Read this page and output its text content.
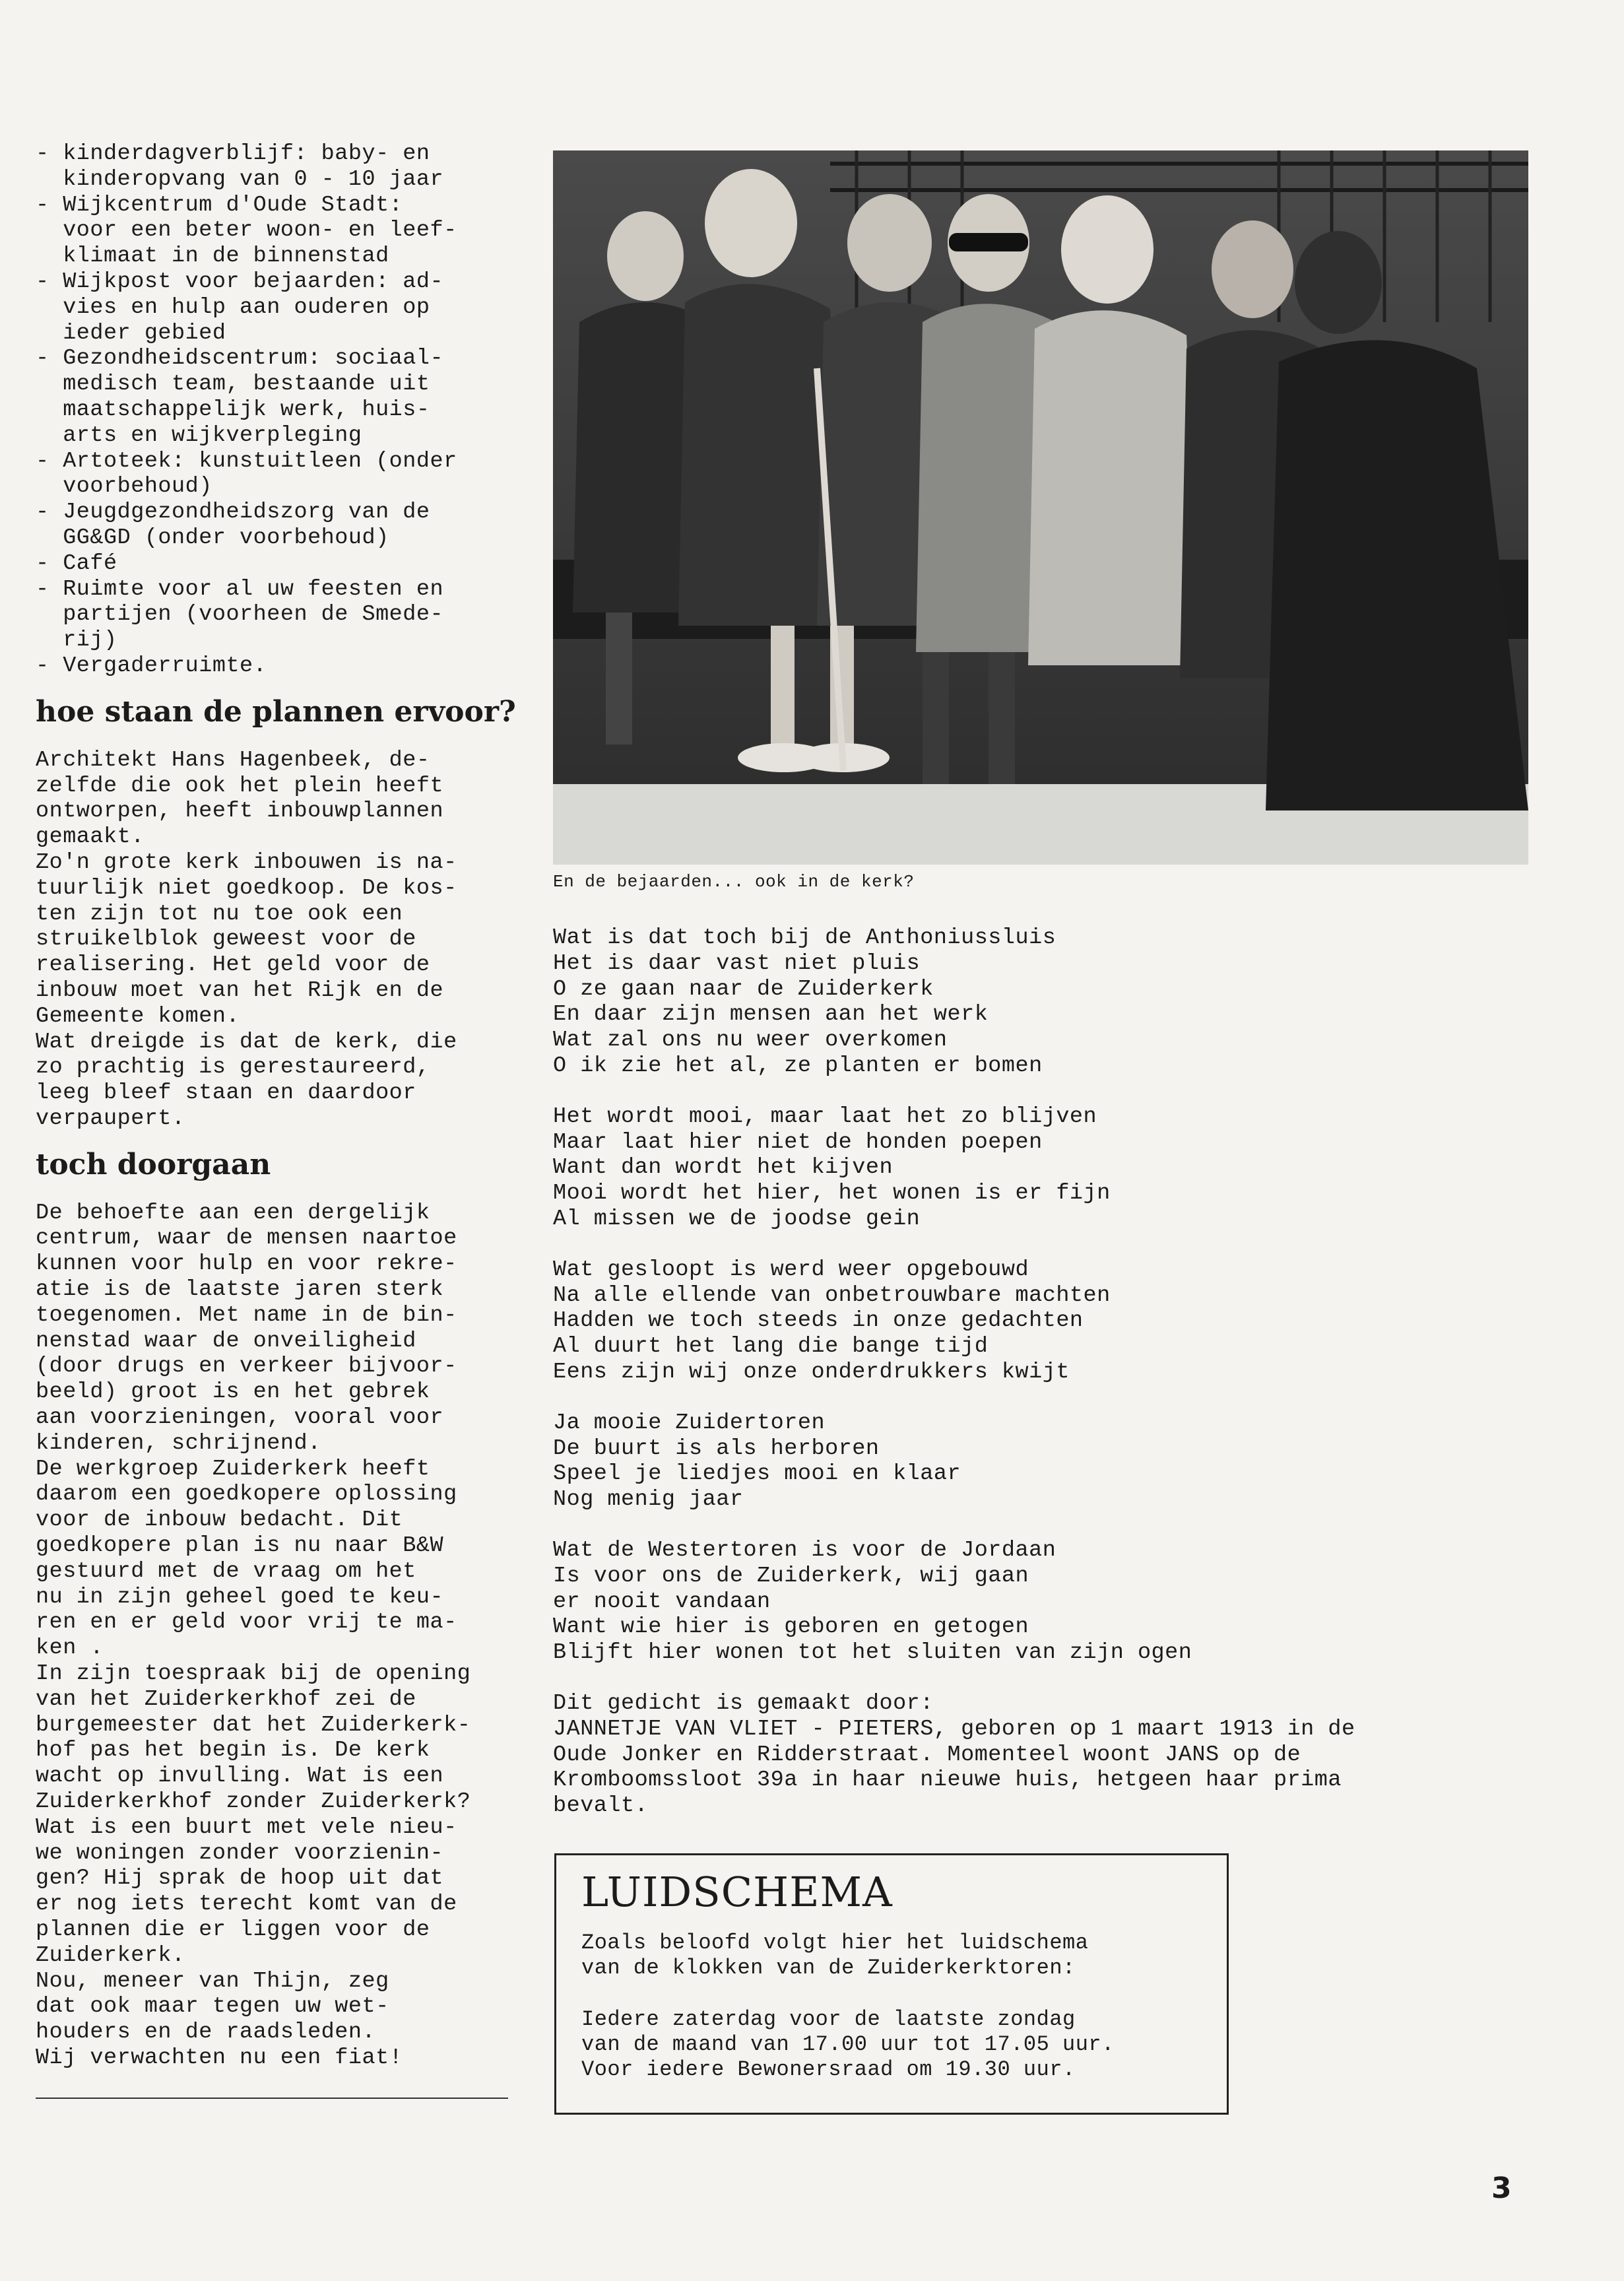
- kinderdagverblijf: baby- en
kinderopvang van 0 - 10 jaar
- Wijkcentrum d'Oude Stadt:
voor een beter woon- en leef-
klimaat in de binnenstad
- Wijkpost voor bejaarden: ad-
vies en hulp aan ouderen op
ieder gebied
- Gezondheidscentrum: sociaal-
medisch team, bestaande uit
maatschappelijk werk, huis-
arts en wijkverpleging
- Artoteek: kunstuitleen (onder
voorbehoud)
- Jeugdgezondheidszorg van de
GG&GD (onder voorbehoud)
- Café
- Ruimte voor al uw feesten en
partijen (voorheen de Smede-
rij)
- Vergaderruimte.
hoe staan de plannen ervoor?
Architekt Hans Hagenbeek, de-
zelfde die ook het plein heeft
ontworpen, heeft inbouwplannen
gemaakt.
Zo'n grote kerk inbouwen is na-
tuurlijk niet goedkoop. De kos-
ten zijn tot nu toe ook een
struikelblok geweest voor de
realisering. Het geld voor de
inbouw moet van het Rijk en de
Gemeente komen.
Wat dreigde is dat de kerk, die
zo prachtig is gerestaureerd,
leeg bleef staan en daardoor
verpaupert.
toch doorgaan
De behoefte aan een dergelijk
centrum, waar de mensen naartoe
kunnen voor hulp en voor rekre-
atie is de laatste jaren sterk
toegenomen. Met name in de bin-
nenstad waar de onveiligheid
(door drugs en verkeer bijvoor-
beeld) groot is en het gebrek
aan voorzieningen, vooral voor
kinderen, schrijnend.
De werkgroep Zuiderkerk heeft
daarom een goedkopere oplossing
voor de inbouw bedacht. Dit
goedkopere plan is nu naar B&W
gestuurd met de vraag om het
nu in zijn geheel goed te keu-
ren en er geld voor vrij te ma-
ken .
In zijn toespraak bij de opening
van het Zuiderkerkhof zei de
burgemeester dat het Zuiderkerk-
hof pas het begin is. De kerk
wacht op invulling. Wat is een
Zuiderkerkhof zonder Zuiderkerk?
Wat is een buurt met vele nieu-
we woningen zonder voorzienin-
gen? Hij sprak de hoop uit dat
er nog iets terecht komt van de
plannen die er liggen voor de
Zuiderkerk.
Nou, meneer van Thijn, zeg
dat ook maar tegen uw wet-
houders en de raadsleden.
Wij verwachten nu een fiat!
En de bejaarden... ook in de kerk?
Wat is dat toch bij de Anthoniussluis
Het is daar vast niet pluis
O ze gaan naar de Zuiderkerk
En daar zijn mensen aan het werk
Wat zal ons nu weer overkomen
O ik zie het al, ze planten er bomen
Het wordt mooi, maar laat het zo blijven
Maar laat hier niet de honden poepen
Want dan wordt het kijven
Mooi wordt het hier, het wonen is er fijn
Al missen we de joodse gein
Wat gesloopt is werd weer opgebouwd
Na alle ellende van onbetrouwbare machten
Hadden we toch steeds in onze gedachten
Al duurt het lang die bange tijd
Eens zijn wij onze onderdrukkers kwijt
Ja mooie Zuidertoren
De buurt is als herboren
Speel je liedjes mooi en klaar
Nog menig jaar
Wat de Westertoren is voor de Jordaan
Is voor ons de Zuiderkerk, wij gaan
er nooit vandaan
Want wie hier is geboren en getogen
Blijft hier wonen tot het sluiten van zijn ogen
Dit gedicht is gemaakt door:
JANNETJE VAN VLIET - PIETERS, geboren op 1 maart 1913 in de
Oude Jonker en Ridderstraat. Momenteel woont JANS op de
Kromboomssloot 39a in haar nieuwe huis, hetgeen haar prima
bevalt.
LUIDSCHEMA
Zoals beloofd volgt hier het luidschema
van de klokken van de Zuiderkerktoren:
Iedere zaterdag voor de laatste zondag
van de maand van 17.00 uur tot 17.05 uur.
Voor iedere Bewonersraad om 19.30 uur.
3
